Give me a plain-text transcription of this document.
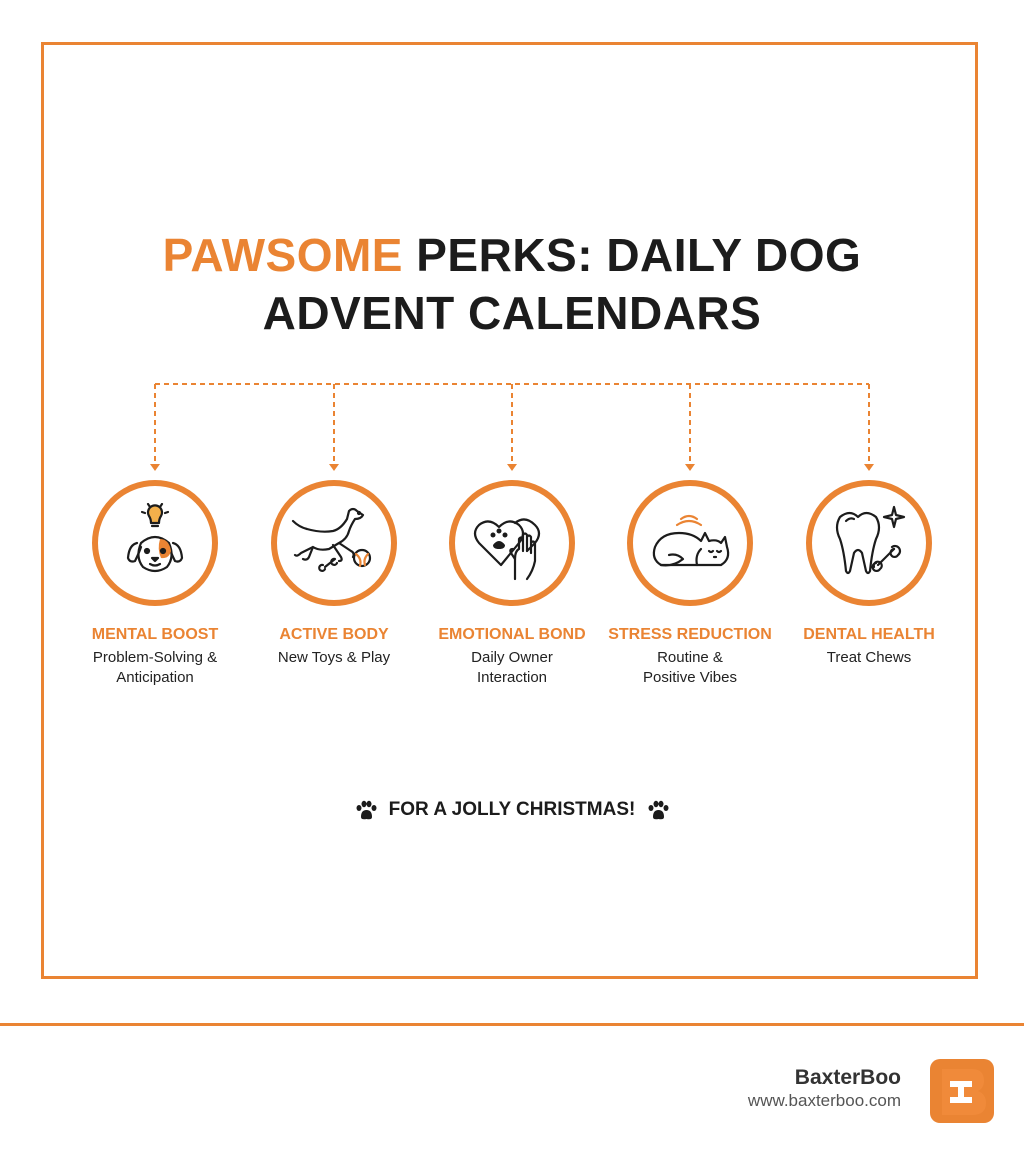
PAWSOME PERKS: DAILY DOG
ADVENT CALENDARS
MENTAL BOOST
Problem-Solving &
Anticipation
ACTIVE BODY
New Toys & Play
EMOTIONAL BOND
Daily Owner
Interaction
STRESS REDUCTION
Routine &
Positive Vibes
DENTAL HEALTH
Treat Chews
FOR A JOLLY CHRISTMAS!
BaxterBoo
www.baxterboo.com
